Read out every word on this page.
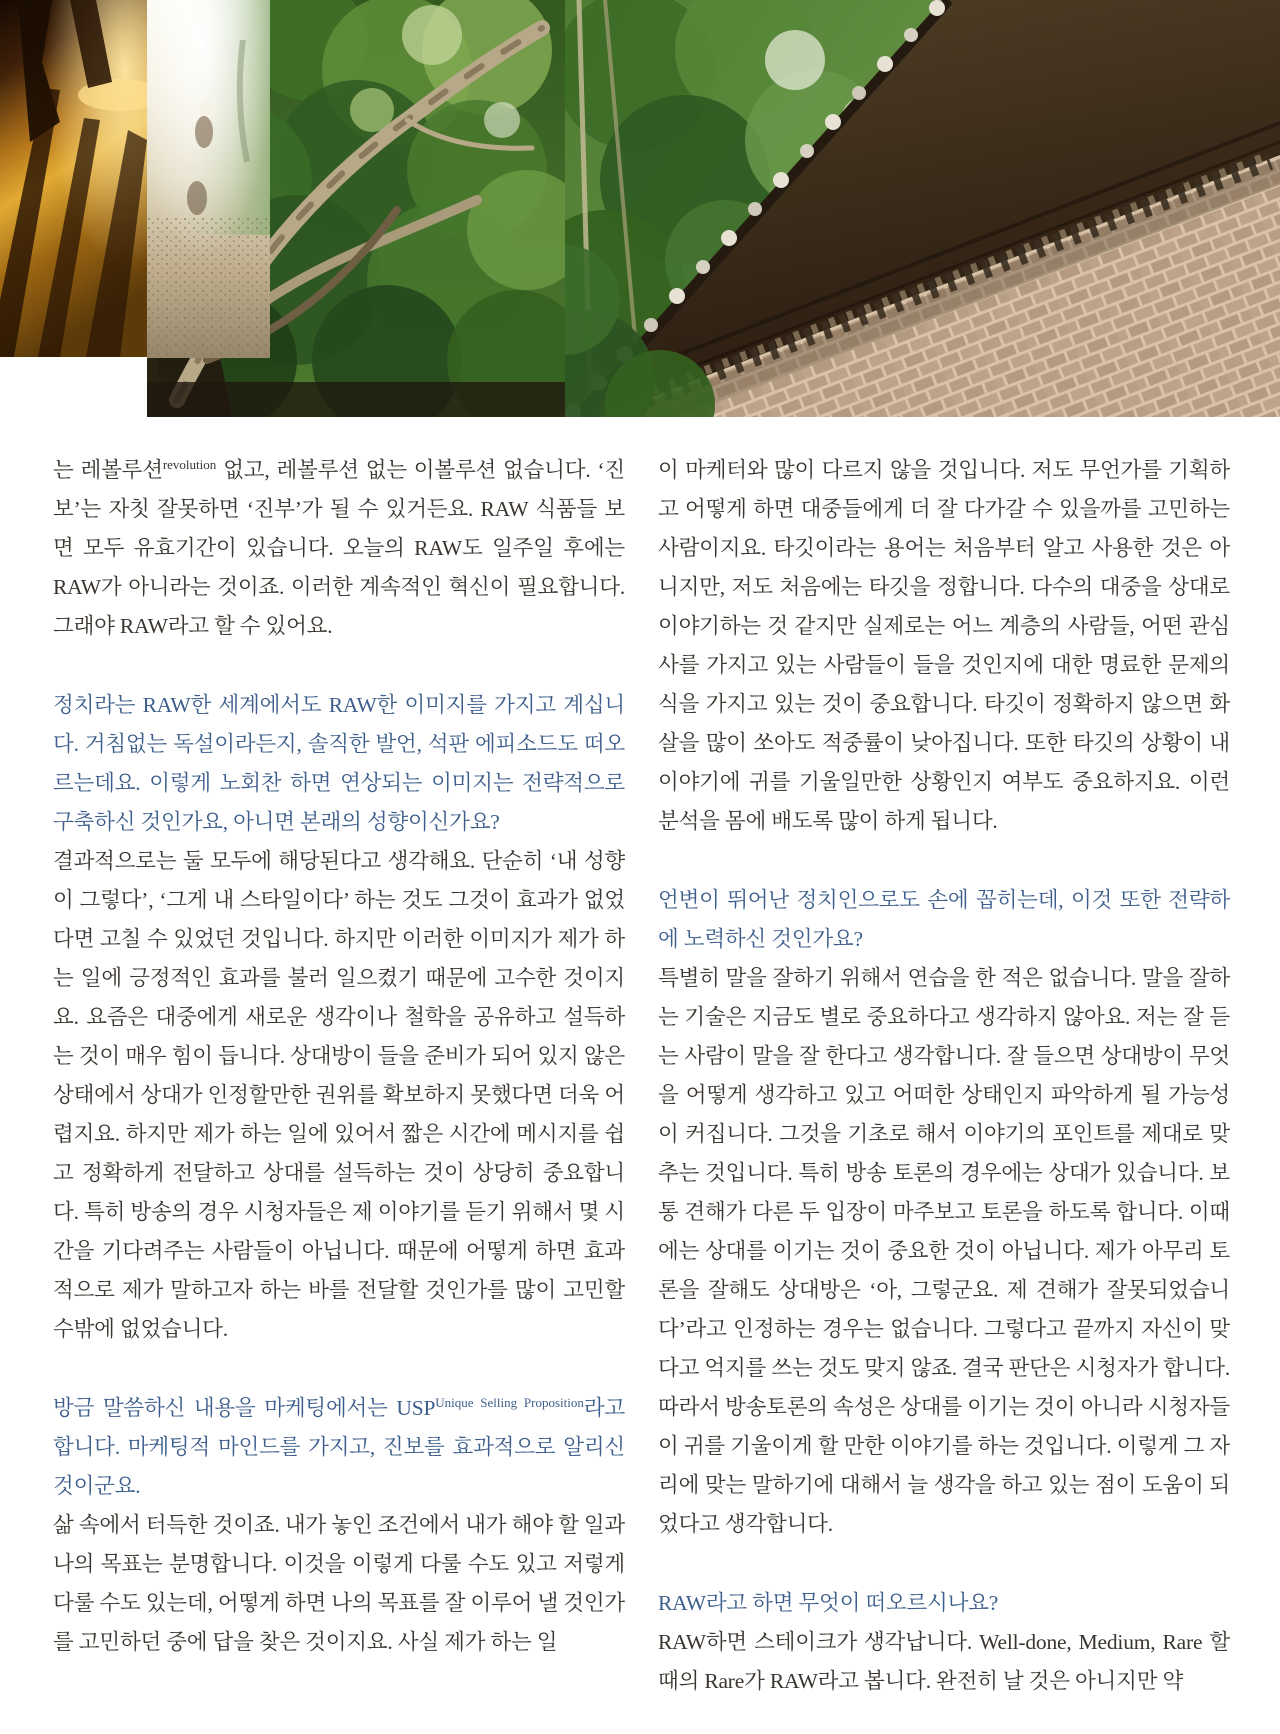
는 레볼루션$^{revolution}$ 없고, 레볼루션 없는 이볼루션 없습니다. ‘진보’는 자칫 잘못하면 ‘진부’가 될 수 있거든요. RAW 식품들 보면 모두 유효기간이 있습니다. 오늘의 RAW도 일주일 후에는 RAW가 아니라는 것이죠. 이러한 계속적인 혁신이 필요합니다. 그래야 RAW라고 할 수 있어요.

정치라는 RAW한 세계에서도 RAW한 이미지를 가지고 계십니다. 거침없는 독설이라든지, 솔직한 발언, 석판 에피소드도 떠오르는데요. 이렇게 노회찬 하면 연상되는 이미지는 전략적으로 구축하신 것인가요, 아니면 본래의 성향이신가요?

결과적으로는 둘 모두에 해당된다고 생각해요. 단순히 ‘내 성향이 그렇다’, ‘그게 내 스타일이다’ 하는 것도 그것이 효과가 없었다면 고칠 수 있었던 것입니다. 하지만 이러한 이미지가 제가 하는 일에 긍정적인 효과를 불러 일으켰기 때문에 고수한 것이지요. 요즘은 대중에게 새로운 생각이나 철학을 공유하고 설득하는 것이 매우 힘이 듭니다. 상대방이 들을 준비가 되어 있지 않은 상태에서 상대가 인정할만한 권위를 확보하지 못했다면 더욱 어렵지요. 하지만 제가 하는 일에 있어서 짧은 시간에 메시지를 쉽고 정확하게 전달하고 상대를 설득하는 것이 상당히 중요합니다. 특히 방송의 경우 시청자들은 제 이야기를 듣기 위해서 몇 시간을 기다려주는 사람들이 아닙니다. 때문에 어떻게 하면 효과적으로 제가 말하고자 하는 바를 전달할 것인가를 많이 고민할 수밖에 없었습니다.

방금 말씀하신 내용을 마케팅에서는 $USP^{Unique Selling Proposition}$라고 합니다. 마케팅적 마인드를 가지고, 진보를 효과적으로 알리신 것이군요.

삶 속에서 터득한 것이죠. 내가 놓인 조건에서 내가 해야 할 일과 나의 목표는 분명합니다. 이것을 이렇게 다룰 수도 있고 저렇게 다룰 수도 있는데, 어떻게 하면 나의 목표를 잘 이루어 낼 것인가를 고민하던 중에 답을 찾은 것이지요. 사실 제가 하는 일

이 마케터와 많이 다르지 않을 것입니다. 저도 무언가를 기획하고 어떻게 하면 대중들에게 더 잘 다가갈 수 있을까를 고민하는 사람이지요. 타깃이라는 용어는 처음부터 알고 사용한 것은 아니지만, 저도 처음에는 타깃을 정합니다. 다수의 대중을 상대로 이야기하는 것 같지만 실제로는 어느 계층의 사람들, 어떤 관심사를 가지고 있는 사람들이 들을 것인지에 대한 명료한 문제의식을 가지고 있는 것이 중요합니다. 타깃이 정확하지 않으면 화살을 많이 쏘아도 적중률이 낮아집니다. 또한 타깃의 상황이 내 이야기에 귀를 기울일만한 상황인지 여부도 중요하지요. 이런 분석을 몸에 배도록 많이 하게 됩니다.

언변이 뛰어난 정치인으로도 손에 꼽히는데, 이것 또한 전략하에 노력하신 것인가요?

특별히 말을 잘하기 위해서 연습을 한 적은 없습니다. 말을 잘하는 기술은 지금도 별로 중요하다고 생각하지 않아요. 저는 잘 듣는 사람이 말을 잘 한다고 생각합니다. 잘 들으면 상대방이 무엇을 어떻게 생각하고 있고 어떠한 상태인지 파악하게 될 가능성이 커집니다. 그것을 기초로 해서 이야기의 포인트를 제대로 맞추는 것입니다. 특히 방송 토론의 경우에는 상대가 있습니다. 보통 견해가 다른 두 입장이 마주보고 토론을 하도록 합니다. 이때에는 상대를 이기는 것이 중요한 것이 아닙니다. 제가 아무리 토론을 잘해도 상대방은 ‘아, 그렇군요. 제 견해가 잘못되었습니다’라고 인정하는 경우는 없습니다. 그렇다고 끝까지 자신이 맞다고 억지를 쓰는 것도 맞지 않죠. 결국 판단은 시청자가 합니다. 따라서 방송토론의 속성은 상대를 이기는 것이 아니라 시청자들이 귀를 기울이게 할 만한 이야기를 하는 것입니다. 이렇게 그 자리에 맞는 말하기에 대해서 늘 생각을 하고 있는 점이 도움이 되었다고 생각합니다.

RAW라고 하면 무엇이 떠오르시나요?

RAW하면 스테이크가 생각납니다. Well-done, Medium, Rare 할 때의 Rare가 RAW라고 봅니다. 완전히 날 것은 아니지만 약
